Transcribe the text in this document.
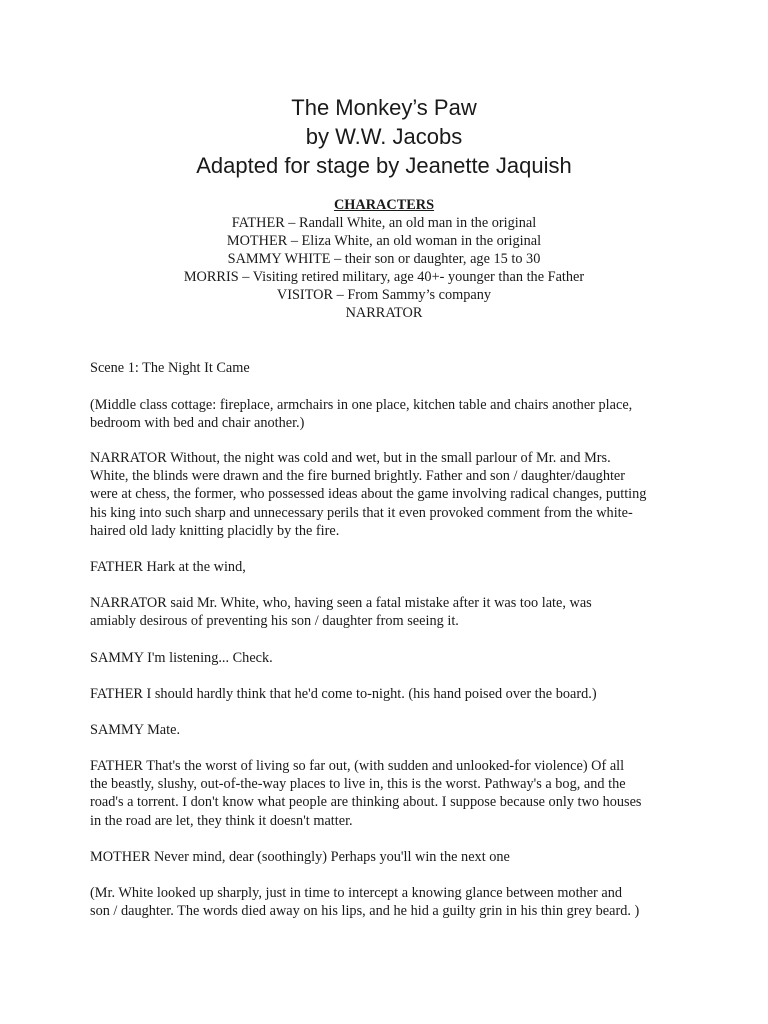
The Monkey’s Paw
by W.W. Jacobs
Adapted for stage by Jeanette Jaquish
CHARACTERS
FATHER – Randall White, an old man in the original
MOTHER – Eliza White, an old woman in the original
SAMMY WHITE – their son or daughter, age 15 to 30
MORRIS – Visiting retired military, age 40+- younger than the Father
VISITOR – From Sammy’s company
NARRATOR

Scene 1: The Night It Came

(Middle class cottage: fireplace, armchairs in one place, kitchen table and chairs another place,
bedroom with bed and chair another.)

NARRATOR Without, the night was cold and wet, but in the small parlour of Mr. and Mrs.
White, the blinds were drawn and the fire burned brightly. Father and son / daughter/daughter
were at chess, the former, who possessed ideas about the game involving radical changes, putting
his king into such sharp and unnecessary perils that it even provoked comment from the white-
haired old lady knitting placidly by the fire.

FATHER Hark at the wind,

NARRATOR said Mr. White, who, having seen a fatal mistake after it was too late, was
amiably desirous of preventing his son / daughter from seeing it.

SAMMY I'm listening... Check.

FATHER I should hardly think that he'd come to-night. (his hand poised over the board.)

SAMMY Mate.

FATHER That's the worst of living so far out, (with sudden and unlooked-for violence) Of all
the beastly, slushy, out-of-the-way places to live in, this is the worst. Pathway's a bog, and the
road's a torrent. I don't know what people are thinking about. I suppose because only two houses
in the road are let, they think it doesn't matter.

MOTHER Never mind, dear (soothingly) Perhaps you'll win the next one

(Mr. White looked up sharply, just in time to intercept a knowing glance between mother and
son / daughter. The words died away on his lips, and he hid a guilty grin in his thin grey beard. )
